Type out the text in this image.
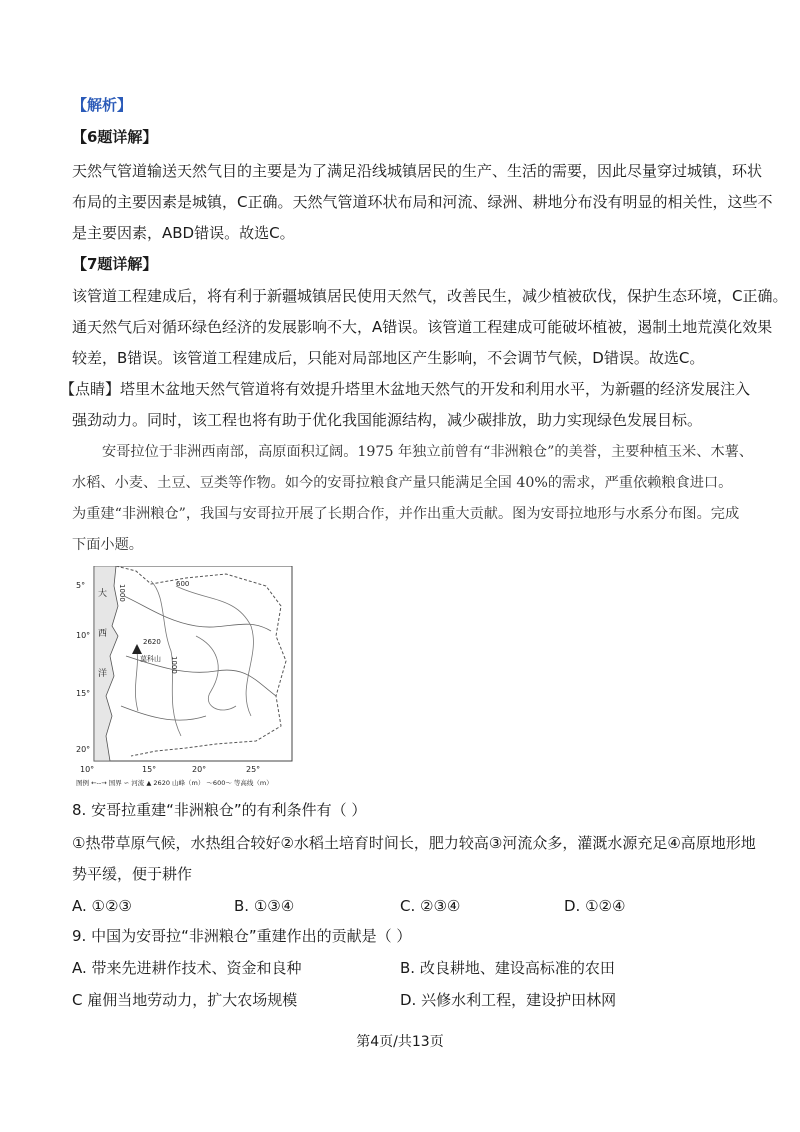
【解析】
【6题详解】
天然气管道输送天然气目的主要是为了满足沿线城镇居民的生产、生活的需要，因此尽量穿过城镇，环状
布局的主要因素是城镇，C正确。天然气管道环状布局和河流、绿洲、耕地分布没有明显的相关性，这些不
是主要因素，ABD错误。故选C。
【7题详解】
该管道工程建成后，将有利于新疆城镇居民使用天然气，改善民生，减少植被砍伐，保护生态环境，C正确。
通天然气后对循环绿色经济的发展影响不大，A错误。该管道工程建成可能破坏植被，遏制土地荒漠化效果
较差，B错误。该管道工程建成后，只能对局部地区产生影响，不会调节气候，D错误。故选C。
【点睛】塔里木盆地天然气管道将有效提升塔里木盆地天然气的开发和利用水平，为新疆的经济发展注入
强劲动力。同时，该工程也将有助于优化我国能源结构，减少碳排放，助力实现绿色发展目标。
安哥拉位于非洲西南部，高原面积辽阔。1975 年独立前曾有“非洲粮仓”的美誉，主要种植玉米、木薯、
水稻、小麦、土豆、豆类等作物。如今的安哥拉粮食产量只能满足全国 40%的需求，严重依赖粮食进口。
为重建“非洲粮仓”，我国与安哥拉开展了长期合作，并作出重大贡献。图为安哥拉地形与水系分布图。完成
下面小题。
2620
莫科山
600
1000
1000
大
西
洋
5°
10°
15°
20°
10°	15°	20°	25°
图例 ←--→ 国界 ∽ 河流 ▲ 2620 山峰（m） ～600～ 等高线（m）
8. 安哥拉重建“非洲粮仓”的有利条件有（ ）
①热带草原气候，水热组合较好②水稻土培育时间长，肥力较高③河流众多，灌溉水源充足④高原地形地
势平缓，便于耕作
A. ①②③	B. ①③④	C. ②③④	D. ①②④
9. 中国为安哥拉“非洲粮仓”重建作出的贡献是（ ）
A. 带来先进耕作技术、资金和良种	B. 改良耕地、建设高标准的农田
C 雇佣当地劳动力，扩大农场规模	D. 兴修水利工程，建设护田林网
第4页/共13页
